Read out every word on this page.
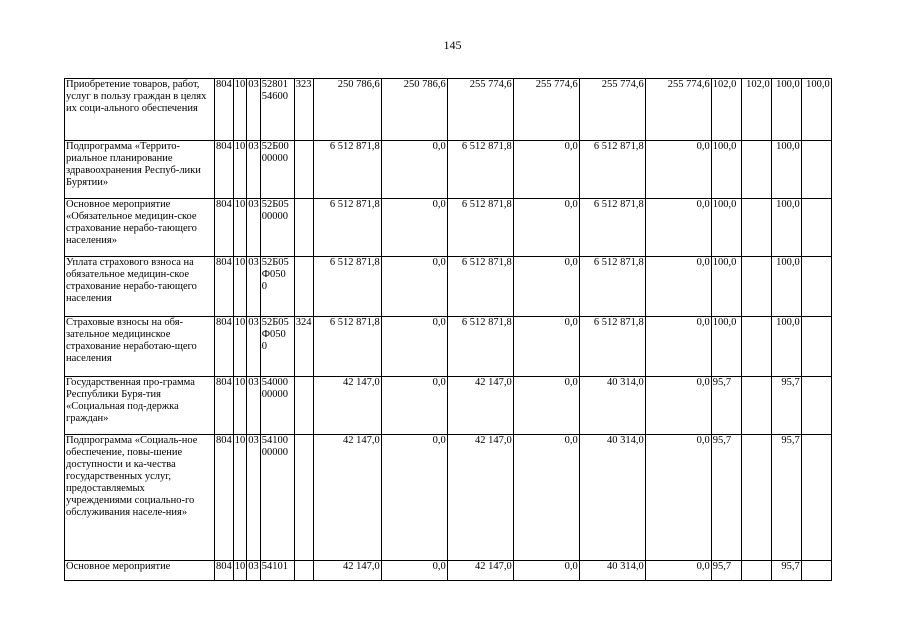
145
Приобретение товаров, работ, услуг в пользу граждан в целях их соци-ального обеспечения	804	10	03	52801 54600	323	250 786,6	250 786,6	255 774,6	255 774,6	255 774,6	255 774,6	102,0	102,0	100,0	100,0
Подпрограмма «Террито-риальное планирование здравоохранения Респуб-лики Бурятии»	804	10	03	52Б00 00000		6 512 871,8	0,0	6 512 871,8	0,0	6 512 871,8	0,0	100,0		100,0	
Основное мероприятие «Обязательное медицин-ское страхование нерабо-тающего населения»	804	10	03	52Б05 00000		6 512 871,8	0,0	6 512 871,8	0,0	6 512 871,8	0,0	100,0		100,0	
Уплата страхового взноса на обязательное медицин-ское страхование нерабо-тающего населения	804	10	03	52Б05 Ф050 0		6 512 871,8	0,0	6 512 871,8	0,0	6 512 871,8	0,0	100,0		100,0	
Страховые взносы на обя-зательное медицинское страхование неработаю-щего населения	804	10	03	52Б05 Ф050 0	324	6 512 871,8	0,0	6 512 871,8	0,0	6 512 871,8	0,0	100,0		100,0	
Государственная про-грамма Республики Буря-тия «Социальная под-держка граждан»	804	10	03	54000 00000		42 147,0	0,0	42 147,0	0,0	40 314,0	0,0	95,7		95,7	
Подпрограмма «Социаль-ное обеспечение, повы-шение доступности и ка-чества государственных услуг, предоставляемых учреждениями социально-го обслуживания населе-ния»	804	10	03	54100 00000		42 147,0	0,0	42 147,0	0,0	40 314,0	0,0	95,7		95,7	
Основное мероприятие	804	10	03	54101		42 147,0	0,0	42 147,0	0,0	40 314,0	0,0	95,7		95,7	
